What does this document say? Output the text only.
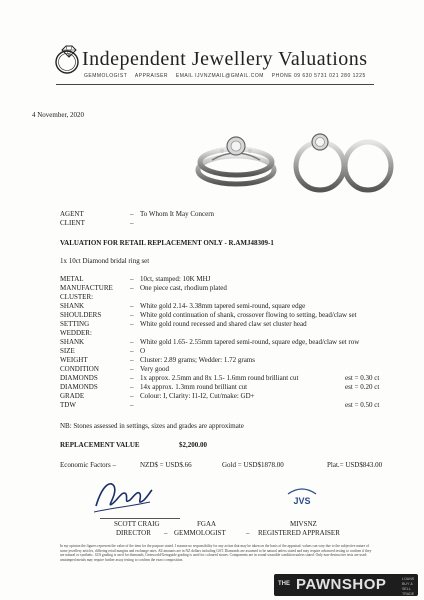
Independent Jewellery Valuations
GEMMOLOGIST APPRAISER EMAIL IJVNZMAIL@GMAIL.COM PHONE 09 630 5731 021 280 1225
4 November, 2020
AGENT	– To Whom It May Concern
CLIENT	–
VALUATION FOR RETAIL REPLACEMENT ONLY - R.AMJ48309-1
1x 10ct Diamond bridal ring set
METAL	– 10ct, stamped: 10K MHJ
MANUFACTURE – One piece cast, rhodium plated
CLUSTER:
SHANK	– White gold 2.14- 3.38mm tapered semi-round, square edge
SHOULDERS	– White gold continuation of shank, crossover flowing to setting, bead/claw set
SETTING	– White gold round recessed and shared claw set cluster head
WEDDER:
SHANK	– White gold 1.65- 2.55mm tapered semi-round, square edge, bead/claw set row
SIZE	– O
WEIGHT	– Cluster: 2.89 grams; Wedder: 1.72 grams
CONDITION	– Very good
DIAMONDS	– 1x approx. 2.5mm and 8x 1.5- 1.6mm round brilliant cut	est = 0.30 ct
DIAMONDS	– 14x approx. 1.3mm round brilliant cut	est = 0.20 ct
GRADE	– Colour: I, Clarity: I1-I2, Cut/make: GD+
TDW	–	est = 0.50 ct
NB: Stones assessed in settings, sizes and grades are approximate
REPLACEMENT VALUE	$2,200.00
Economic Factors –	NZD$ = USD$.66	Gold = USD$1878.00	Plat.= USD$843.00
JVS
SCOTT CRAIG	FGAA	MIVSNZ
DIRECTOR – GEMMOLOGIST	– REGISTERED APPRAISER
In my opinion the figures represent the value of the item for the purpose stated. I assume no responsibility for any action that may be taken on the basis of the appraisal: values can vary due to the subjective nature of some jewellery articles, differing retail margins and exchange rates. All amounts are in NZ dollars including GST. Diamonds are assumed to be natural unless stated and may require advanced testing to confirm if they are natural or synthetic. GIA grading is used for diamonds, Gemworld/Gemguide grading is used for coloured stones. Components are in sound wearable condition unless stated. Only non-destructive tests are used: unstamped metals may require further assay testing to confirm the exact composition.
THE PAWNSHOP	LOANS
BUY & SELL
TRADE
